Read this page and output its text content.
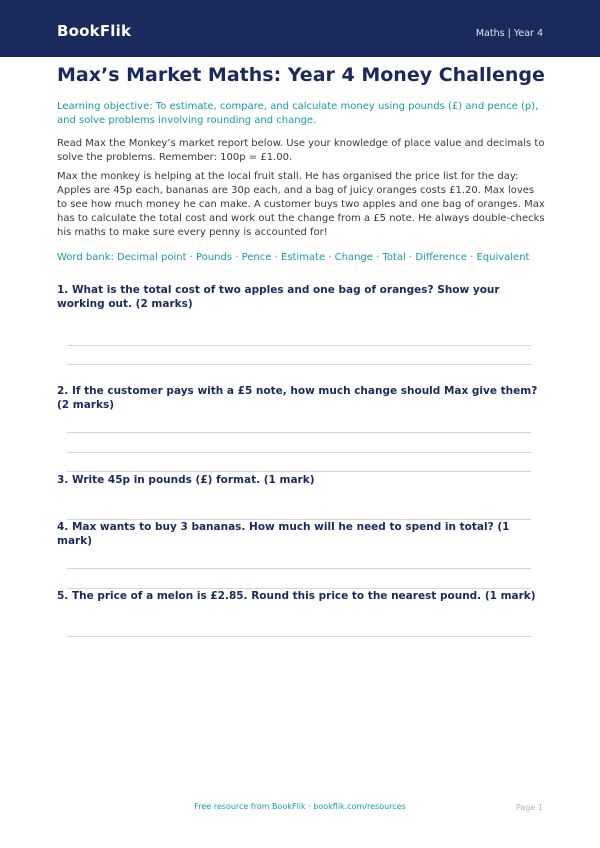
BookFlik	Maths | Year 4
Max’s Market Maths: Year 4 Money Challenge

Learning objective: To estimate, compare, and calculate money using pounds (£) and pence (p), and solve problems involving rounding and change.

Read Max the Monkey’s market report below. Use your knowledge of place value and decimals to solve the problems. Remember: 100p = £1.00.

Max the monkey is helping at the local fruit stall. He has organised the price list for the day: Apples are 45p each, bananas are 30p each, and a bag of juicy oranges costs £1.20. Max loves to see how much money he can make. A customer buys two apples and one bag of oranges. Max has to calculate the total cost and work out the change from a £5 note. He always double-checks his maths to make sure every penny is accounted for!

Word bank: Decimal point · Pounds · Pence · Estimate · Change · Total · Difference · Equivalent

1. What is the total cost of two apples and one bag of oranges? Show your working out. (2 marks)

2. If the customer pays with a £5 note, how much change should Max give them? (2 marks)

3. Write 45p in pounds (£) format. (1 mark)

4. Max wants to buy 3 bananas. How much will he need to spend in total? (1 mark)

5. The price of a melon is £2.85. Round this price to the nearest pound. (1 mark)

Free resource from BookFlik · bookflik.com/resources	Page 1
